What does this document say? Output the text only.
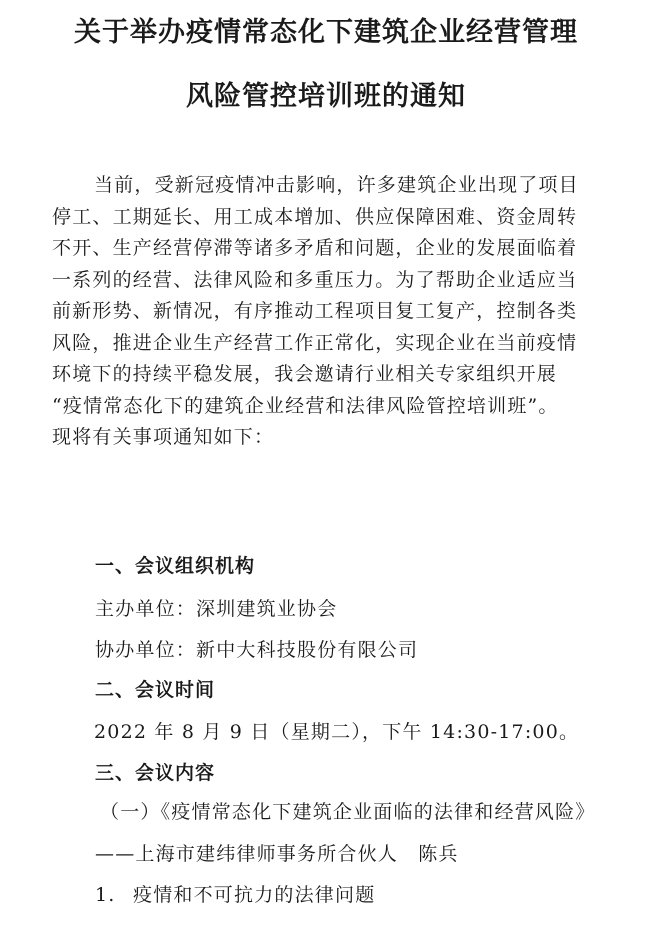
关于举办疫情常态化下建筑企业经营管理
风险管控培训班的通知
当前，受新冠疫情冲击影响，许多建筑企业出现了项目
停工、工期延长、用工成本增加、供应保障困难、资金周转
不开、生产经营停滞等诸多矛盾和问题，企业的发展面临着
一系列的经营、法律风险和多重压力。为了帮助企业适应当
前新形势、新情况，有序推动工程项目复工复产，控制各类
风险，推进企业生产经营工作正常化，实现企业在当前疫情
环境下的持续平稳发展，我会邀请行业相关专家组织开展
“疫情常态化下的建筑企业经营和法律风险管控培训班”。
现将有关事项通知如下：
一、会议组织机构
主办单位：深圳建筑业协会
协办单位：新中大科技股份有限公司
二、会议时间
2022 年 8 月 9 日（星期二），下午 14:30-17:00。
三、会议内容
（一）《疫情常态化下建筑企业面临的法律和经营风险》
——上海市建纬律师事务所合伙人　陈兵
1. 疫情和不可抗力的法律问题
